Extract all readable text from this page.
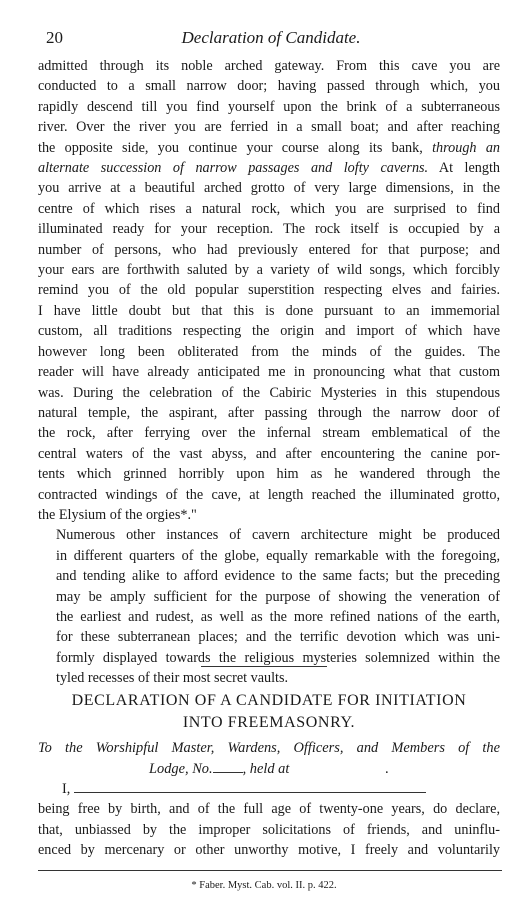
20	Declaration of Candidate.

admitted through its noble arched gateway. From this cave you are
conducted to a small narrow door; having passed through which, you
rapidly descend till you find yourself upon the brink of a subterraneous
river. Over the river you are ferried in a small boat; and after reaching
the opposite side, you continue your course along its bank, through an
alternate succession of narrow passages and lofty caverns. At length
you arrive at a beautiful arched grotto of very large dimensions, in the
centre of which rises a natural rock, which you are surprised to find
illuminated ready for your reception. The rock itself is occupied by a
number of persons, who had previously entered for that purpose; and
your ears are forthwith saluted by a variety of wild songs, which forcibly
remind you of the old popular superstition respecting elves and fairies.
I have little doubt but that this is done pursuant to an immemorial
custom, all traditions respecting the origin and import of which have
however long been obliterated from the minds of the guides. The
reader will have already anticipated me in pronouncing what that custom
was. During the celebration of the Cabiric Mysteries in this stupendous
natural temple, the aspirant, after passing through the narrow door of
the rock, after ferrying over the infernal stream emblematical of the
central waters of the vast abyss, and after encountering the canine por-
tents which grinned horribly upon him as he wandered through the
contracted windings of the cave, at length reached the illuminated grotto,
the Elysium of the orgies*."

Numerous other instances of cavern architecture might be produced
in different quarters of the globe, equally remarkable with the foregoing,
and tending alike to afford evidence to the same facts; but the preceding
may be amply sufficient for the purpose of showing the veneration of
the earliest and rudest, as well as the more refined nations of the earth,
for these subterranean places; and the terrific devotion which was uni-
formly displayed towards the religious mysteries solemnized within the
tyled recesses of their most secret vaults.

DECLARATION OF A CANDIDATE FOR INITIATION
INTO FREEMASONRY.
To the Worshipful Master, Wardens, Officers, and Members of the
Lodge, No. , held at	.
I,
being free by birth, and of the full age of twenty-one years, do declare,
that, unbiassed by the improper solicitations of friends, and uninflu-
enced by mercenary or other unworthy motive, I freely and voluntarily
* Faber. Myst. Cab. vol. II. p. 422.
